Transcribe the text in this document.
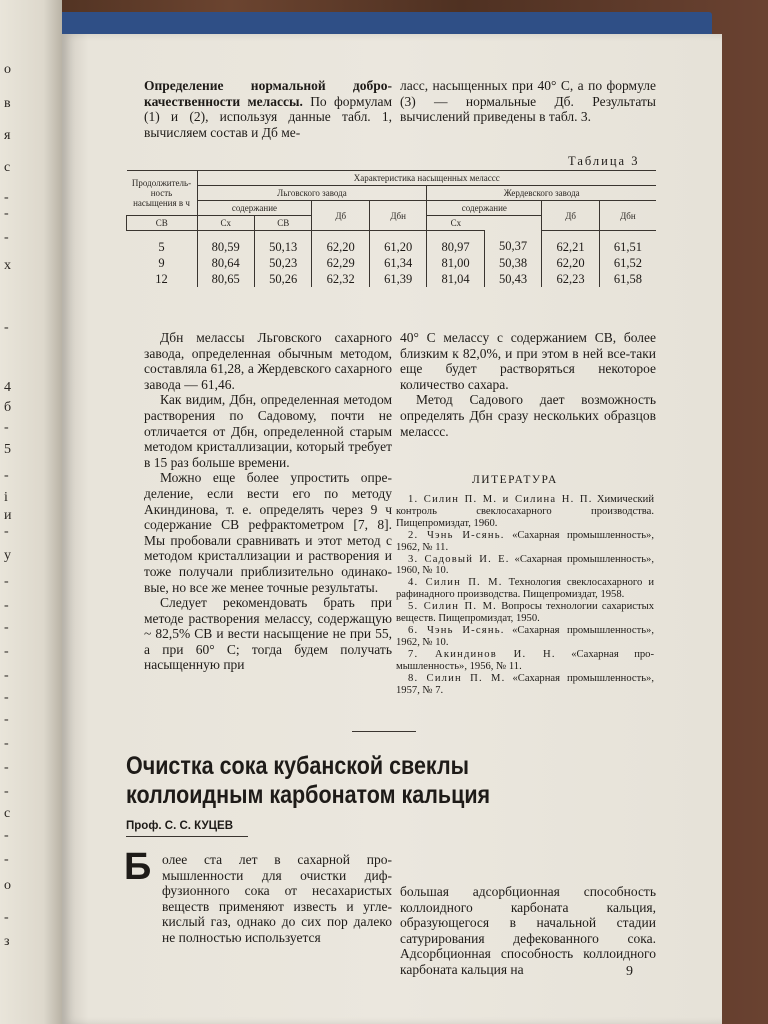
о
в
я
с
-
-
-
х
-
4
б
-
5
-
і
и
-
у
-
-
-
-
-
-
-
-
-
-
с
-
-
о
-
з

Определение нормальной доброкачественности мелассы. По формулам (1) и (2), используя данные табл. 1, вычисляем состав и Дб ме-

ласс, насыщенных при 40° С, а по формуле (3) — нормальные Дб. Результаты вычислений приведены в табл. 3.

Таблица 3
Продолжительность насыщения в ч	Характеристика насыщенных мелассс							
	Льговского завода				Жердевского завода			
	содержание		Дб	Дбн	содержание		Дб	Дбн
СВ	Сх	СВ			Сх			
5	80,59	50,13	62,20	61,20	80,97	50,37	62,21	61,51
9	80,64	50,23	62,29	61,34	81,00	50,38	62,20	61,52
12	80,65	50,26	62,32	61,39	81,04	50,43	62,23	61,58

Дбн мелассы Льговского сахарного завода, определенная обычным методом, составляла 61,28, а Жердевского сахарного завода — 61,46.

Как видим, Дбн, определенная методом растворения по Садовому, почти не отличается от Дбн, определенной старым методом кристаллизации, который требует в 15 раз больше времени.

Можно еще более упростить определение, если вести его по методу Акиндинова, т. е. определять через 9 ч содержание СВ рефрактометром [7, 8]. Мы пробовали сравнивать и этот метод с методом кристаллизации и растворения и тоже получали приблизительно одинаковые, но все же менее точные результаты.

Следует рекомендовать брать при методе растворения мелассу, содержащую ~ 82,5% СВ и вести насыщение не при 55, а при 60° С; тогда будем получать насыщенную при

40° С мелассу с содержанием СВ, более близким к 82,0%, и при этом в ней все-таки еще будет растворяться некоторое количество сахара.

Метод Садового дает возможность определять Дбн сразу нескольких образцов мелассс.

ЛИТЕРАТУРА
1. Силин П. М. и Силина Н. П. Химический контроль свеклосахарного производства. Пищепромиздат, 1960.
2. Чэнь И-сянь. «Сахарная промышленность», 1962, № 11.
3. Садовый И. Е. «Сахарная промышленность», 1960, № 10.
4. Силин П. М. Технология свеклосахарного и рафинадного производства. Пищепромиздат, 1958.
5. Силин П. М. Вопросы технологии сахаристых веществ. Пищепромиздат, 1950.
6. Чэнь И-сянь. «Сахарная промышленность», 1962, № 10.
7. Акиндинов И. Н. «Сахарная промышленность», 1956, № 11.
8. Силин П. М. «Сахарная промышленность», 1957, № 7.
Очистка сока кубанской свеклы
коллоидным карбонатом кальция
Проф. С. С. КУЦЕВ
Б олее ста лет в сахарной промышленности для очистки диффузионного сока от несахаристых веществ применяют известь и углекислый газ, однако до сих пор далеко не полностью используется

большая адсорбционная способность коллоидного карбоната кальция, образующегося в начальной стадии сатурирования дефекованного сока. Адсорбционная способность коллоидного карбоната кальция на	9
